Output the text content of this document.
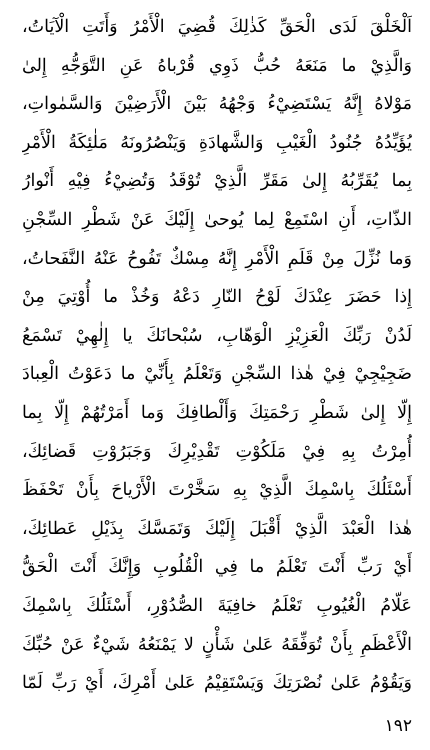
اَلْخَلْقَ لَدَى الْحَقِّ كَذٰلِكَ قُضِيَ الْأَمْرُ وَأَتَتِ الْآيَاتُ،
وَالَّذِيْ ما مَنَعَهُ حُبُّ ذَوِي قُرْباهُ عَنِ التَّوَجُّهِ إِلىٰ
مَوْلاهُ إِنَّهُ يَسْتَضِيْءُ وَجْهُهُ بَيْنَ الْأَرَضِيْنَ وَالسَّمٰواتِ،
يُؤَيِّدُهُ جُنُودُ الْغَيْبِ وَالشَّهادَةِ وَيَنْصُرُونَهُ مَلٰئِكَةُ الْأَمْرِ
بِما يُقَرِّبُهُ إِلىٰ مَقَرِّ الَّذِيْ تُوْقَدُ وَتُضِيْءُ فِيْهِ أَنْوارُ
الذّاتِ، أَنِ اسْتَمِعْ لِما يُوحىٰ إِلَيْكَ عَنْ شَطْرِ السِّجْنِ
وَما نُزِّلَ مِنْ قَلَمِ الْأَمْرِ إِنَّهُ مِسْكٌ تَفُوحُ عَنْهُ النَّفَحاتُ،
إِذا حَضَرَ عِنْدَكَ لَوْحُ النّارِ دَعْهُ وَخُذْ ما أُوْتِيَ مِنْ
لَدُنْ رَبِّكَ الْعَزِيْزِ الْوَهّابِ، سُبْحانَكَ يا إِلٰهِيْ تَسْمَعُ
ضَجِيْجِيْ فِيْ هٰذا السِّجْنِ وَتَعْلَمُ بِأَنِّيْ ما دَعَوْتُ الْعِبادَ
إِلّا إِلىٰ شَطْرِ رَحْمَتِكَ وَأَلْطافِكَ وَما أَمَرْتُهُمْ إِلّا بِما
أُمِرْتُ بِهِ فِيْ مَلَكُوْتِ تَقْدِيْرِكَ وَجَبَرُوْتِ قَضائِكَ،
أَسْئَلُكَ بِاسْمِكَ الَّذِيْ بِهِ سَخَّرْتَ الْأَرْياحَ بِأَنْ تَحْفَظَ
هٰذا الْعَبْدَ الَّذِيْ أَقْبَلَ إِلَيْكَ وَتَمَسَّكَ بِذَيْلِ عَطائِكَ،
أَيْ رَبِّ أَنْتَ تَعْلَمُ ما فِي الْقُلُوبِ وَإِنَّكَ أَنْتَ الْحَقُّ
عَلّامُ الْغُيُوبِ تَعْلَمُ خافِيَةَ الصُّدُوْرِ، أَسْئَلُكَ بِاسْمِكَ
الْأَعْظَمِ بِأَنْ تُوَفِّقَهُ عَلىٰ شَأْنٍ لا يَمْنَعُهُ شَيْءٌ عَنْ حُبِّكَ
وَيَقُوْمُ عَلىٰ نُصْرَتِكَ وَيَسْتَقِيْمُ عَلىٰ أَمْرِكَ، أَيْ رَبِّ لَمّا
١٩٢
